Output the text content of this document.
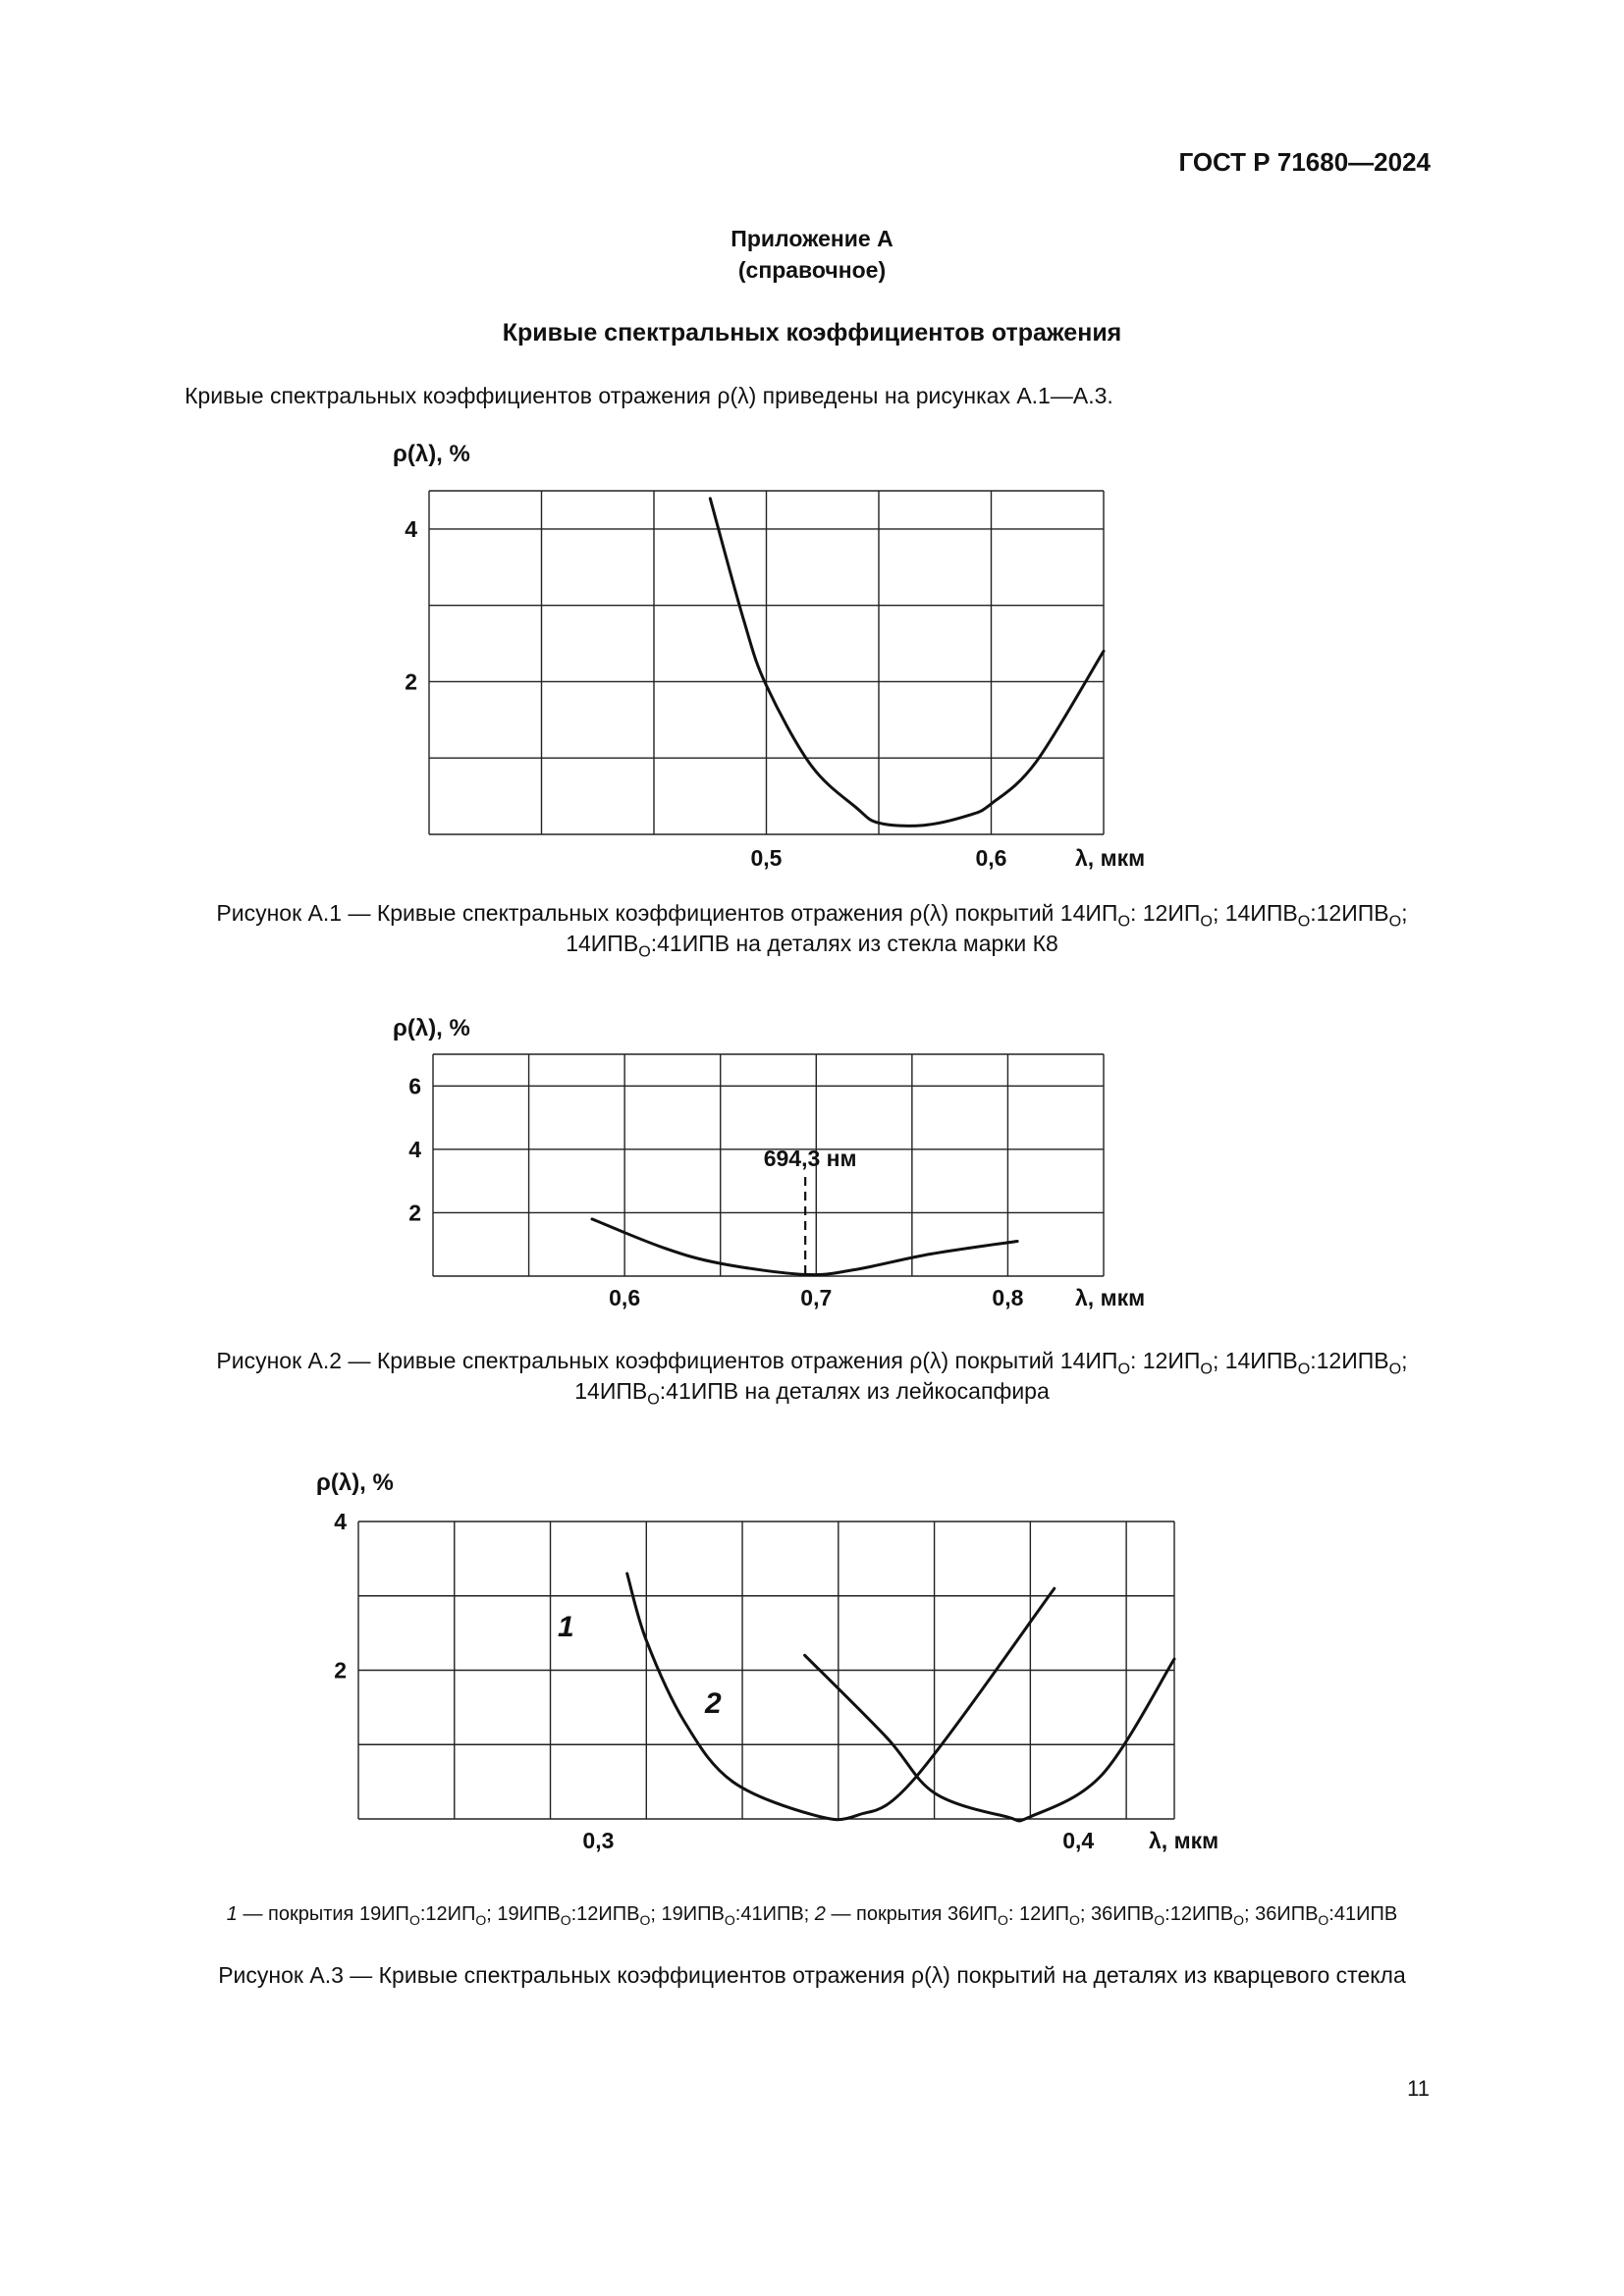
ГОСТ Р 71680—2024
Приложение А
(справочное)
Кривые спектральных коэффициентов отражения
Кривые спектральных коэффициентов отражения ρ(λ) приведены на рисунках А.1—А.3.
ρ(λ), %
λ, мкм
0,5	0,6
2
4
Рисунок А.1 — Кривые спектральных коэффициентов отражения ρ(λ) покрытий $14ИП_О$: $12ИП_О$; $14ИПВ_О:12ИПВ_О$;
$14ИПВ_О:41ИПВ$ на деталях из стекла марки К8
ρ(λ), %
λ, мкм
0,6	0,7	0,8
2
4
6
694,3 нм
Рисунок А.2 — Кривые спектральных коэффициентов отражения ρ(λ) покрытий $14ИП_О$: $12ИП_О$; $14ИПВ_О:12ИПВ_О$;
$14ИПВ_О:41ИПВ$ на деталях из лейкосапфира
ρ(λ), %
λ, мкм
0,3	0,4
2
4
1
2
1 — покрытия $19ИП_О:12ИП_О$; $19ИПВ_О:12ИПВ_О$; $19ИПВ_О:41ИПВ$; 2 — покрытия $36ИП_О$: $12ИП_О$; $36ИПВ_О:12ИПВ_О$; $36ИПВ_О:41ИПВ$
Рисунок А.3 — Кривые спектральных коэффициентов отражения ρ(λ) покрытий на деталях из кварцевого стекла
11
